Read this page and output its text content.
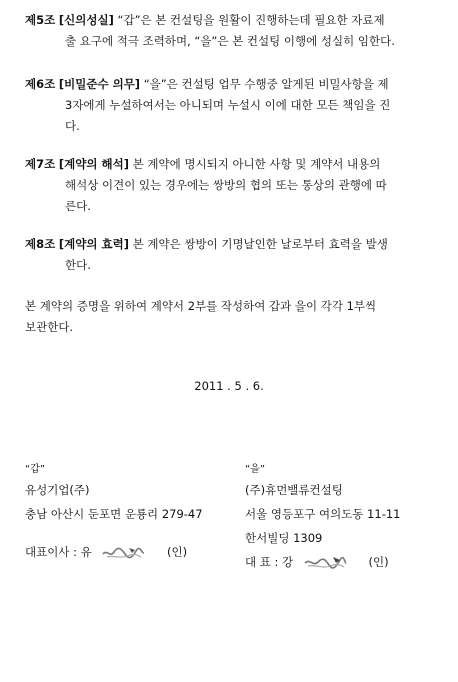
제5조 [신의성실] “갑”은 본 컨설팅을 원활이 진행하는데 필요한 자료제
출 요구에 적극 조력하며, “을”은 본 컨설팅 이행에 성실히 임한다.
제6조 [비밀준수 의무] “을”은 컨설팅 업무 수행중 알게된 비밀사항을 제
3자에게 누설하여서는 아니되며 누설시 이에 대한 모든 책임을 진
다.
제7조 [계약의 해석] 본 계약에 명시되지 아니한 사항 및 계약서 내용의
해석상 이견이 있는 경우에는 쌍방의 협의 또는 통상의 관행에 따
른다.
제8조 [계약의 효력] 본 계약은 쌍방이 기명날인한 날로부터 효력을 발생
한다.
본 계약의 증명을 위하여 계약서 2부를 작성하여 갑과 을이 각각 1부씩
보관한다.
2011 . 5 . 6.
“갑”
유성기업(주)
충남 아산시 둔포면 운룡리 279-47
대표이사 : 유	(인)
“을”
(주)휴먼밸류컨설팅
서울 영등포구 여의도동 11-11
한서빌딩 1309
대 표 : 강	(인)
